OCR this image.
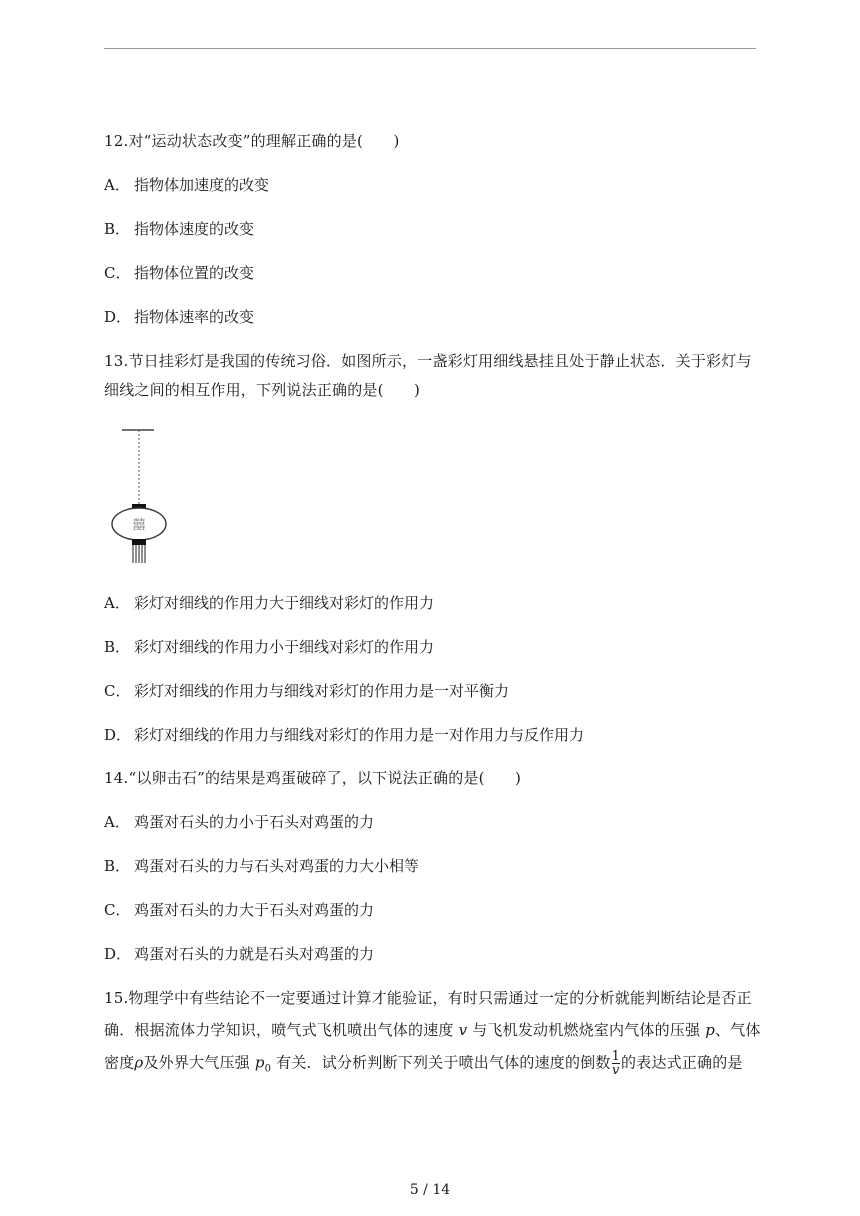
12.对“运动状态改变”的理解正确的是(　　)
A． 指物体加速度的改变
B． 指物体速度的改变
C． 指物体位置的改变
D． 指物体速率的改变
13.节日挂彩灯是我国的传统习俗．如图所示，一盏彩灯用细线悬挂且处于静止状态．关于彩灯与
细线之间的相互作用，下列说法正确的是(　　)
囍
A． 彩灯对细线的作用力大于细线对彩灯的作用力
B． 彩灯对细线的作用力小于细线对彩灯的作用力
C． 彩灯对细线的作用力与细线对彩灯的作用力是一对平衡力
D． 彩灯对细线的作用力与细线对彩灯的作用力是一对作用力与反作用力
14.“以卵击石”的结果是鸡蛋破碎了，以下说法正确的是(　　)
A． 鸡蛋对石头的力小于石头对鸡蛋的力
B． 鸡蛋对石头的力与石头对鸡蛋的力大小相等
C． 鸡蛋对石头的力大于石头对鸡蛋的力
D． 鸡蛋对石头的力就是石头对鸡蛋的力
15.物理学中有些结论不一定要通过计算才能验证，有时只需通过一定的分析就能判断结论是否正
确．根据流体力学知识，喷气式飞机喷出气体的速度 v 与飞机发动机燃烧室内气体的压强 p、气体
密度ρ及外界大气压强 $p_0$ 有关．试分析判断下列关于喷出气体的速度的倒数 $\frac{1}{v}$ 的表达式正确的是
5 / 14
